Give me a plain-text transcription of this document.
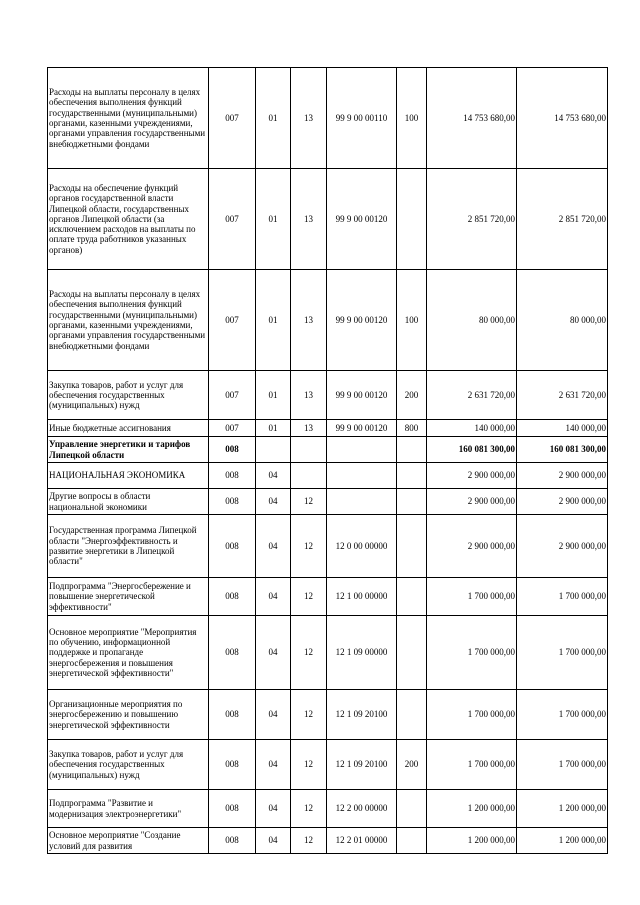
Расходы на выплаты персоналу в целях обеспечения выполнения функций государственными (муниципальными) органами, казенными учреждениями, органами управления государственными внебюджетными фондами	007	01	13	99 9 00 00110	100	14 753 680,00	14 753 680,00
Расходы на обеспечение функций органов государственной власти Липецкой области, государственных органов Липецкой области (за исключением расходов на выплаты по оплате труда работников указанных органов)	007	01	13	99 9 00 00120		2 851 720,00	2 851 720,00
Расходы на выплаты персоналу в целях обеспечения выполнения функций государственными (муниципальными) органами, казенными учреждениями, органами управления государственными внебюджетными фондами	007	01	13	99 9 00 00120	100	80 000,00	80 000,00
Закупка товаров, работ и услуг для обеспечения государственных (муниципальных) нужд	007	01	13	99 9 00 00120	200	2 631 720,00	2 631 720,00
Иные бюджетные ассигнования	007	01	13	99 9 00 00120	800	140 000,00	140 000,00
Управление энергетики и тарифов Липецкой области	008					160 081 300,00	160 081 300,00
НАЦИОНАЛЬНАЯ ЭКОНОМИКА	008	04				2 900 000,00	2 900 000,00
Другие вопросы в области национальной экономики	008	04	12			2 900 000,00	2 900 000,00
Государственная программа Липецкой области "Энергоэффективность и развитие энергетики в Липецкой области"	008	04	12	12 0 00 00000		2 900 000,00	2 900 000,00
Подпрограмма "Энергосбережение и повышение энергетической эффективности"	008	04	12	12 1 00 00000		1 700 000,00	1 700 000,00
Основное мероприятие "Мероприятия по обучению, информационной поддержке и пропаганде энергосбережения и повышения энергетической эффективности"	008	04	12	12 1 09 00000		1 700 000,00	1 700 000,00
Организационные мероприятия по энергосбережению и повышению энергетической эффективности	008	04	12	12 1 09 20100		1 700 000,00	1 700 000,00
Закупка товаров, работ и услуг для обеспечения государственных (муниципальных) нужд	008	04	12	12 1 09 20100	200	1 700 000,00	1 700 000,00
Подпрограмма "Развитие и модернизация электроэнергетики"	008	04	12	12 2 00 00000		1 200 000,00	1 200 000,00
Основное мероприятие "Создание условий для развития	008	04	12	12 2 01 00000		1 200 000,00	1 200 000,00
